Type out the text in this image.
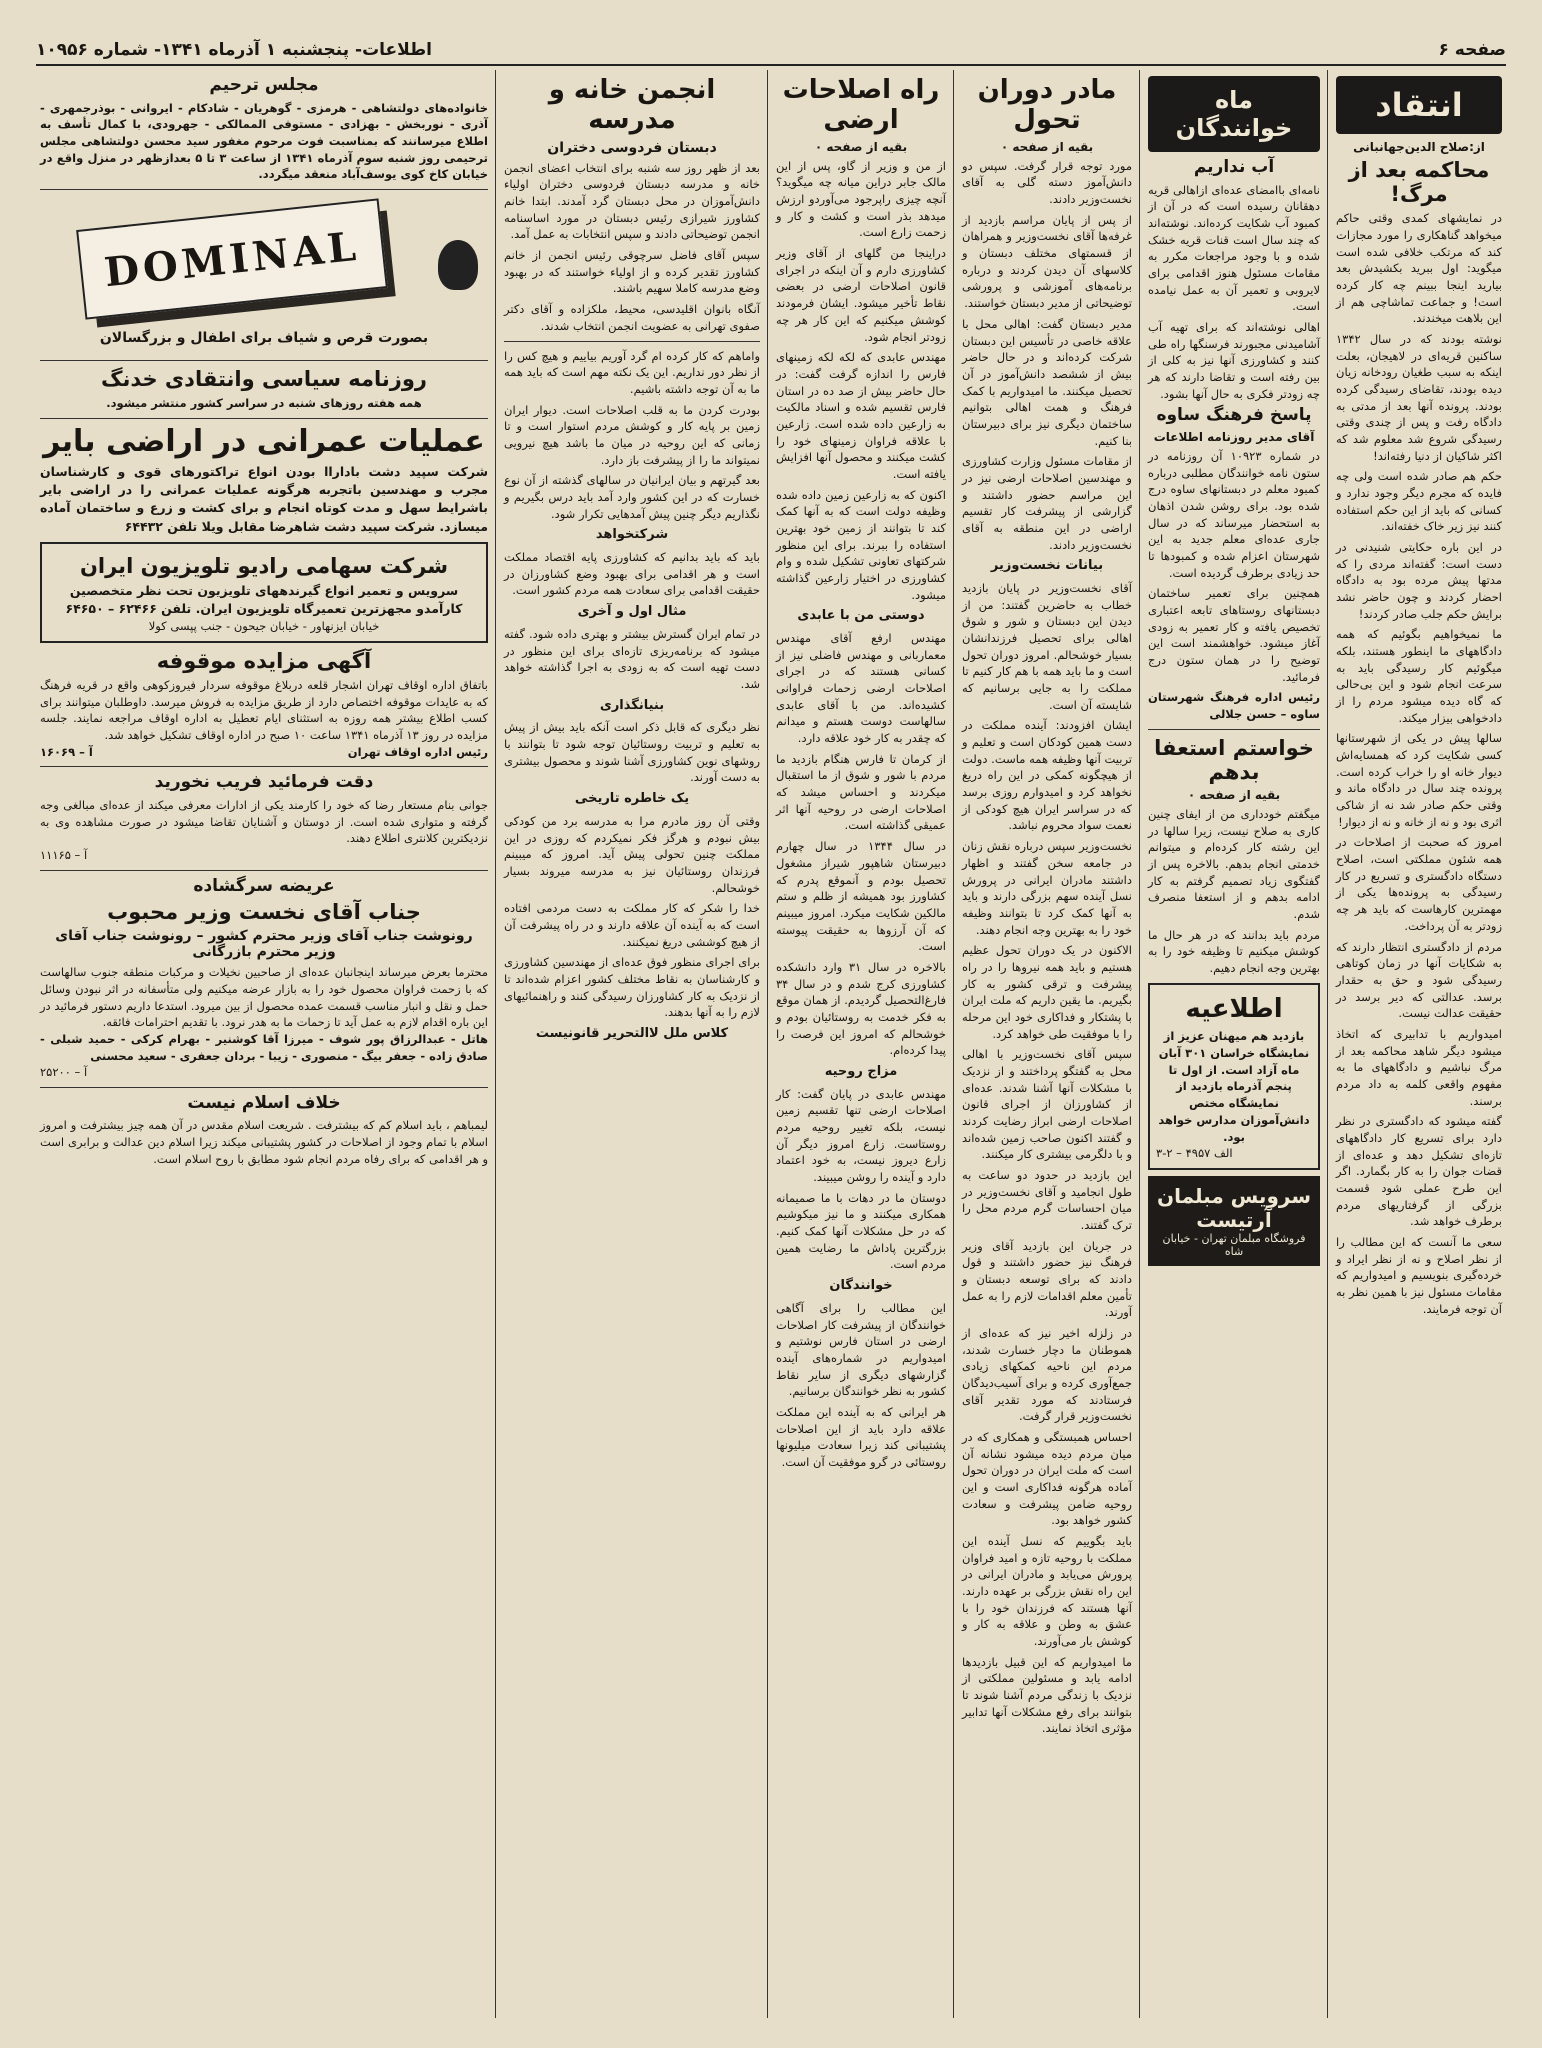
صفحه ۶
اطلاعات- پنجشنبه ۱ آذرماه ۱۳۴۱- شماره ۱۰۹۵۶
انتقاد
از:صلاح الدین‌جهانبانی
محاکمه بعد از مرگ!

در نمایشهای کمدی وقتی حاکم میخواهد گناهکاری را مورد مجازات کند که مرتکب خلافی شده است میگوید: اول ببرید بکشیدش بعد بیارید اینجا ببینم چه کار کرده است! و جماعت تماشاچی هم از این بلاهت میخندند.

نوشته بودند که در سال ۱۳۴۲ ساکنین قریه‌ای در لاهیجان، بعلت اینکه به سبب طغیان رودخانه زیان دیده بودند، تقاضای رسیدگی کرده بودند. پرونده آنها بعد از مدتی به دادگاه رفت و پس از چندی وقتی رسیدگی شروع شد معلوم شد که اکثر شاکیان از دنیا رفته‌اند!

حکم هم صادر شده است ولی چه فایده که مجرم دیگر وجود ندارد و کسانی که باید از این حکم استفاده کنند نیز زیر خاک خفته‌اند.

در این باره حکایتی شنیدنی در دست است: گفته‌اند مردی را که مدتها پیش مرده بود به دادگاه احضار کردند و چون حاضر نشد برایش حکم جلب صادر کردند!

ما نمیخواهیم بگوئیم که همه دادگاههای ما اینطور هستند، بلکه میگوئیم کار رسیدگی باید به سرعت انجام شود و این بی‌حالی که گاه دیده میشود مردم را از دادخواهی بیزار میکند.

سالها پیش در یکی از شهرستانها کسی شکایت کرد که همسایه‌اش دیوار خانه او را خراب کرده است. پرونده چند سال در دادگاه ماند و وقتی حکم صادر شد نه از شاکی اثری بود و نه از خانه و نه از دیوار!

امروز که صحبت از اصلاحات در همه شئون مملکتی است، اصلاح دستگاه دادگستری و تسریع در کار رسیدگی به پرونده‌ها یکی از مهمترین کارهاست که باید هر چه زودتر به آن پرداخت.

مردم از دادگستری انتظار دارند که به شکایات آنها در زمان کوتاهی رسیدگی شود و حق به حقدار برسد. عدالتی که دیر برسد در حقیقت عدالت نیست.

امیدواریم با تدابیری که اتخاذ میشود دیگر شاهد محاکمه بعد از مرگ نباشیم و دادگاههای ما به مفهوم واقعی کلمه به داد مردم برسند.

گفته میشود که دادگستری در نظر دارد برای تسریع کار دادگاههای تازه‌ای تشکیل دهد و عده‌ای از قضات جوان را به کار بگمارد. اگر این طرح عملی شود قسمت بزرگی از گرفتاریهای مردم برطرف خواهد شد.

سعی ما آنست که این مطالب را از نظر اصلاح و نه از نظر ایراد و خرده‌گیری بنویسیم و امیدواریم که مقامات مسئول نیز با همین نظر به آن توجه فرمایند.

ماه خوانندگان
آب نداریم

نامه‌ای باامضای عده‌ای ازاهالی قریه دهقانان رسیده است که در آن از کمبود آب شکایت کرده‌اند. نوشته‌اند که چند سال است قنات قریه خشک شده و با وجود مراجعات مکرر به مقامات مسئول هنوز اقدامی برای لایروبی و تعمیر آن به عمل نیامده است.

اهالی نوشته‌اند که برای تهیه آب آشامیدنی مجبورند فرسنگها راه طی کنند و کشاورزی آنها نیز به کلی از بین رفته است و تقاضا دارند که هر چه زودتر فکری به حال آنها بشود.

پاسخ فرهنگ ساوه
آقای مدیر روزنامه اطلاعات

در شماره ۱۰۹۲۳ آن روزنامه در ستون نامه خوانندگان مطلبی درباره کمبود معلم در دبستانهای ساوه درج شده بود. برای روشن شدن اذهان به استحضار میرساند که در سال جاری عده‌ای معلم جدید به این شهرستان اعزام شده و کمبودها تا حد زیادی برطرف گردیده است.

همچنین برای تعمیر ساختمان دبستانهای روستاهای تابعه اعتباری تخصیص یافته و کار تعمیر به زودی آغاز میشود. خواهشمند است این توضیح را در همان ستون درج فرمائید.

رئیس اداره فرهنگ شهرستان ساوه – حسن جلالی

خواستم استعفا بدهم
بقیه از صفحه ۰

میگفتم خودداری من از ایفای چنین کاری به صلاح نیست، زیرا سالها در این رشته کار کرده‌ام و میتوانم خدمتی انجام بدهم. بالاخره پس از گفتگوی زیاد تصمیم گرفتم به کار ادامه بدهم و از استعفا منصرف شدم.

مردم باید بدانند که در هر حال ما کوشش میکنیم تا وظیفه خود را به بهترین وجه انجام دهیم.

اطلاعیه
بازدید هم میهنان عزیز از نمایشگاه خراسان ۳۰۱ آبان ماه آزاد است. از اول تا پنجم آذرماه بازدید از نمایشگاه مختص دانش‌آموزان مدارس خواهد بود.
الف ۴۹۵۷ – ۲-۳
سرویس مبلمان آرتیست
فروشگاه مبلمان تهران - خیابان شاه
مادر دوران تحول
بقیه از صفحه ۰

مورد توجه قرار گرفت. سپس دو دانش‌آموز دسته گلی به آقای نخست‌وزیر دادند.

از پس از پایان مراسم بازدید از غرفه‌ها آقای نخست‌وزیر و همراهان از قسمتهای مختلف دبستان و کلاسهای آن دیدن کردند و درباره برنامه‌های آموزشی و پرورشی توضیحاتی از مدیر دبستان خواستند.

مدیر دبستان گفت: اهالی محل با علاقه خاصی در تأسیس این دبستان شرکت کرده‌اند و در حال حاضر بیش از ششصد دانش‌آموز در آن تحصیل میکنند. ما امیدواریم با کمک فرهنگ و همت اهالی بتوانیم ساختمان دیگری نیز برای دبیرستان بنا کنیم.

از مقامات مسئول وزارت کشاورزی و مهندسین اصلاحات ارضی نیز در این مراسم حضور داشتند و گزارشی از پیشرفت کار تقسیم اراضی در این منطقه به آقای نخست‌وزیر دادند.

بیانات نخست‌وزیر

آقای نخست‌وزیر در پایان بازدید خطاب به حاضرین گفتند: من از دیدن این دبستان و شور و شوق اهالی برای تحصیل فرزندانشان بسیار خوشحالم. امروز دوران تحول است و ما باید همه با هم کار کنیم تا مملکت را به جایی برسانیم که شایسته آن است.

ایشان افزودند: آینده مملکت در دست همین کودکان است و تعلیم و تربیت آنها وظیفه همه ماست. دولت از هیچگونه کمکی در این راه دریغ نخواهد کرد و امیدوارم روزی برسد که در سراسر ایران هیچ کودکی از نعمت سواد محروم نباشد.

نخست‌وزیر سپس درباره نقش زنان در جامعه سخن گفتند و اظهار داشتند مادران ایرانی در پرورش نسل آینده سهم بزرگی دارند و باید به آنها کمک کرد تا بتوانند وظیفه خود را به بهترین وجه انجام دهند.

الاکنون در یک دوران تحول عظیم هستیم و باید همه نیروها را در راه پیشرفت و ترقی کشور به کار بگیریم. ما یقین داریم که ملت ایران با پشتکار و فداکاری خود این مرحله را با موفقیت طی خواهد کرد.

سپس آقای نخست‌وزیر با اهالی محل به گفتگو پرداختند و از نزدیک با مشکلات آنها آشنا شدند. عده‌ای از کشاورزان از اجرای قانون اصلاحات ارضی ابراز رضایت کردند و گفتند اکنون صاحب زمین شده‌اند و با دلگرمی بیشتری کار میکنند.

این بازدید در حدود دو ساعت به طول انجامید و آقای نخست‌وزیر در میان احساسات گرم مردم محل را ترک گفتند.

در جریان این بازدید آقای وزیر فرهنگ نیز حضور داشتند و قول دادند که برای توسعه دبستان و تأمین معلم اقدامات لازم را به عمل آورند.

در زلزله اخیر نیز که عده‌ای از هموطنان ما دچار خسارت شدند، مردم این ناحیه کمکهای زیادی جمع‌آوری کرده و برای آسیب‌دیدگان فرستادند که مورد تقدیر آقای نخست‌وزیر قرار گرفت.

احساس همبستگی و همکاری که در میان مردم دیده میشود نشانه آن است که ملت ایران در دوران تحول آماده هرگونه فداکاری است و این روحیه ضامن پیشرفت و سعادت کشور خواهد بود.

باید بگوییم که نسل آینده این مملکت با روحیه تازه و امید فراوان پرورش می‌یابد و مادران ایرانی در این راه نقش بزرگی بر عهده دارند. آنها هستند که فرزندان خود را با عشق به وطن و علاقه به کار و کوشش بار می‌آورند.

ما امیدواریم که این قبیل بازدیدها ادامه یابد و مسئولین مملکتی از نزدیک با زندگی مردم آشنا شوند تا بتوانند برای رفع مشکلات آنها تدابیر مؤثری اتخاذ نمایند.

راه اصلاحات ارضی
بقیه از صفحه ۰

از من و وزیر از گاو، پس از این مالک جابر دراین میانه چه میگوید؟ آنچه چیزی راپرجود می‌آوردو ارزش میدهد بذر است و کشت و کار و زحمت زارع است.

دراینجا من گلهای از آقای وزیر کشاورزی دارم و آن اینکه در اجرای قانون اصلاحات ارضی در بعضی نقاط تأخیر میشود. ایشان فرمودند کوشش میکنیم که این کار هر چه زودتر انجام شود.

مهندس عابدی که لکه لکه زمینهای فارس را اندازه گرفت گفت: در حال حاضر بیش از صد ده در استان فارس تقسیم شده و اسناد مالکیت به زارعین داده شده است. زارعین با علاقه فراوان زمینهای خود را کشت میکنند و محصول آنها افزایش یافته است.

اکنون که به زارعین زمین داده شده وظیفه دولت است که به آنها کمک کند تا بتوانند از زمین خود بهترین استفاده را ببرند. برای این منظور شرکتهای تعاونی تشکیل شده و وام کشاورزی در اختیار زارعین گذاشته میشود.

دوستی من با عابدی

مهندس ارفع آقای مهندس معماربانی و مهندس فاضلی نیز از کسانی هستند که در اجرای اصلاحات ارضی زحمات فراوانی کشیده‌اند. من با آقای عابدی سالهاست دوست هستم و میدانم که چقدر به کار خود علاقه دارد.

از کرمان تا فارس هنگام بازدید ما مردم با شور و شوق از ما استقبال میکردند و احساس میشد که اصلاحات ارضی در روحیه آنها اثر عمیقی گذاشته است.

در سال ۱۳۴۴ در سال چهارم دبیرستان شاهپور شیراز مشغول تحصیل بودم و آنموقع پدرم که کشاورز بود همیشه از ظلم و ستم مالکین شکایت میکرد. امروز میبینم که آن آرزوها به حقیقت پیوسته است.

بالاخره در سال ۳۱ وارد دانشکده کشاورزی کرج شدم و در سال ۳۴ فارغ‌التحصیل گردیدم. از همان موقع به فکر خدمت به روستائیان بودم و خوشحالم که امروز این فرصت را پیدا کرده‌ام.

مزاج روحیه

مهندس عابدی در پایان گفت: کار اصلاحات ارضی تنها تقسیم زمین نیست، بلکه تغییر روحیه مردم روستاست. زارع امروز دیگر آن زارع دیروز نیست، به خود اعتماد دارد و آینده را روشن میبیند.

دوستان ما در دهات با ما صمیمانه همکاری میکنند و ما نیز میکوشیم که در حل مشکلات آنها کمک کنیم. بزرگترین پاداش ما رضایت همین مردم است.

خوانندگان

این مطالب را برای آگاهی خوانندگان از پیشرفت کار اصلاحات ارضی در استان فارس نوشتیم و امیدواریم در شماره‌های آینده گزارشهای دیگری از سایر نقاط کشور به نظر خوانندگان برسانیم.

هر ایرانی که به آینده این مملکت علاقه دارد باید از این اصلاحات پشتیبانی کند زیرا سعادت میلیونها روستائی در گرو موفقیت آن است.

انجمن خانه و مدرسه
دبستان فردوسی دختران

بعد از ظهر روز سه شنبه برای انتخاب اعضای انجمن خانه و مدرسه دبستان فردوسی دختران اولیاء دانش‌آموزان در محل دبستان گرد آمدند. ابتدا خانم کشاورز شیرازی رئیس دبستان در مورد اساسنامه انجمن توضیحاتی دادند و سپس انتخابات به عمل آمد.

سپس آقای فاضل سرچوقی رئیس انجمن از خانم کشاورز تقدیر کرده و از اولیاء خواستند که در بهبود وضع مدرسه کاملا سهیم باشند.

آنگاه بانوان اقلیدسی، محیط، ملکزاده و آقای دکتر صفوی تهرانی به عضویت انجمن انتخاب شدند.

واماهم که کار کرده ام گرد آوریم بیاییم و هیچ کس را از نظر دور نداریم. این یک نکته مهم است که باید همه ما به آن توجه داشته باشیم.

بودرت کردن ما به قلب اصلاحات است. دیوار ایران زمین بر پایه کار و کوشش مردم استوار است و تا زمانی که این روحیه در میان ما باشد هیچ نیرویی نمیتواند ما را از پیشرفت باز دارد.

بعد گیرتهم و بیان ایرانیان در سالهای گذشته از آن نوع خسارت که در این کشور وارد آمد باید درس بگیریم و نگذاریم دیگر چنین پیش آمدهایی تکرار شود.

شرکتخواهد

باید که باید بدانیم که کشاورزی پایه اقتصاد مملکت است و هر اقدامی برای بهبود وضع کشاورزان در حقیقت اقدامی برای سعادت همه مردم کشور است.

مثال اول و آخری

در تمام ایران گسترش بیشتر و بهتری داده شود. گفته میشود که برنامه‌ریزی تازه‌ای برای این منظور در دست تهیه است که به زودی به اجرا گذاشته خواهد شد.

بنیانگذاری

نظر دیگری که قابل ذکر است آنکه باید بیش از پیش به تعلیم و تربیت روستائیان توجه شود تا بتوانند با روشهای نوین کشاورزی آشنا شوند و محصول بیشتری به دست آورند.

یک خاطره تاریخی

وقتی آن روز مادرم مرا به مدرسه برد من کودکی بیش نبودم و هرگز فکر نمیکردم که روزی در این مملکت چنین تحولی پیش آید. امروز که میبینم فرزندان روستائیان نیز به مدرسه میروند بسیار خوشحالم.

خدا را شکر که کار مملکت به دست مردمی افتاده است که به آینده آن علاقه دارند و در راه پیشرفت آن از هیچ کوششی دریغ نمیکنند.

برای اجرای منظور فوق عده‌ای از مهندسین کشاورزی و کارشناسان به نقاط مختلف کشور اعزام شده‌اند تا از نزدیک به کار کشاورزان رسیدگی کنند و راهنمائیهای لازم را به آنها بدهند.

کلاس ملل لاالتحریر قانونیست

مجلس ترحیم
خانواده‌های دولتشاهی - هرمزی - گوهریان - شادکام - ایروانی - بوذرجمهری - آذری - نوربخش - بهزادی - مستوفی الممالکی - جهرودی، با کمال تأسف به اطلاع میرسانند که بمناسبت فوت مرحوم مغفور سید محسن دولتشاهی مجلس ترحیمی روز شنبه سوم آذرماه ۱۳۴۱ از ساعت ۳ تا ۵ بعدازظهر در منزل واقع در خیابان کاخ کوی یوسف‌آباد منعقد میگردد.
DOMINAL
بصورت قرص و شیاف برای اطفال و بزرگسالان
روزنامه سیاسی وانتقادی خدنگ
همه هفته روزهای شنبه در سراسر کشور منتشر میشود.
عملیات عمرانی در اراضی بایر
شرکت سپید دشت باداراا بودن انواع تراکتورهای قوی و کارشناسان مجرب و مهندسین باتجربه هرگونه عملیات عمرانی را در اراضی بایر باشرایط سهل و مدت کوتاه انجام و برای کشت و زرع و ساختمان آماده میسازد. شرکت سپید دشت شاهرضا مقابل ویلا تلفن ۶۴۴۳۲
شرکت سهامی رادیو تلویزیون ایران
سرویس و تعمیر انواع گیرندههای تلویزیون تحت نظر متخصصین کارآمدو مجهزترین تعمیرگاه تلویزیون ایران. تلفن ۶۲۴۶۶ – ۶۴۶۵۰
خیابان ایزنهاور - خیابان جیحون - جنب پپسی کولا
آگهی مزایده موقوفه
باتفاق اداره اوقاف تهران اشجار قلعه دربلاغ موقوفه سردار فیروزکوهی واقع در قریه فرهنگ که به عایدات موقوفه اختصاص دارد از طریق مزایده به فروش میرسد. داوطلبان میتوانند برای کسب اطلاع بیشتر همه روزه به استثنای ایام تعطیل به اداره اوقاف مراجعه نمایند. جلسه مزایده در روز ۱۳ آذرماه ۱۳۴۱ ساعت ۱۰ صبح در اداره اوقاف تشکیل خواهد شد.
رئیس اداره اوقاف تهران
آ – ۱۶۰۶۹
دقت فرمائید فریب نخورید
جوانی بنام مستعار رضا که خود را کارمند یکی از ادارات معرفی میکند از عده‌ای مبالغی وجه گرفته و متواری شده است. از دوستان و آشنایان تقاضا میشود در صورت مشاهده وی به نزدیکترین کلانتری اطلاع دهند.
آ – ۱۱۱۶۵
عریضه سرگشاده
جناب آقای نخست وزیر محبوب
رونوشت جناب آقای وزیر محترم کشور – رونوشت جناب آقای وزیر محترم بازرگانی
محترما بعرض میرساند اینجانبان عده‌ای از صاحبین نخیلات و مرکبات منطقه جنوب سالهاست که با زحمت فراوان محصول خود را به بازار عرضه میکنیم ولی متأسفانه در اثر نبودن وسائل حمل و نقل و انبار مناسب قسمت عمده محصول از بین میرود. استدعا داریم دستور فرمائید در این باره اقدام لازم به عمل آید تا زحمات ما به هدر نرود. با تقدیم احترامات فائقه.
هاتل - عبدالرزاق پور شوف - میرزا آقا کوشنیر - بهرام کرکی - حمید شبلی - صادق زاده - جعفر بیگ - منصوری - زیبا - بردان جعفری - سعید محسنی
آ – ۲۵۲۰۰
خلاف اسلام نیست
لیمباهم ، باید اسلام کم که بیشترفت . شریعت اسلام مقدس در آن همه چیز بیشترفت و امروز اسلام با تمام وجود از اصلاحات در کشور پشتیبانی میکند زیرا اسلام دین عدالت و برابری است و هر اقدامی که برای رفاه مردم انجام شود مطابق با روح اسلام است.
